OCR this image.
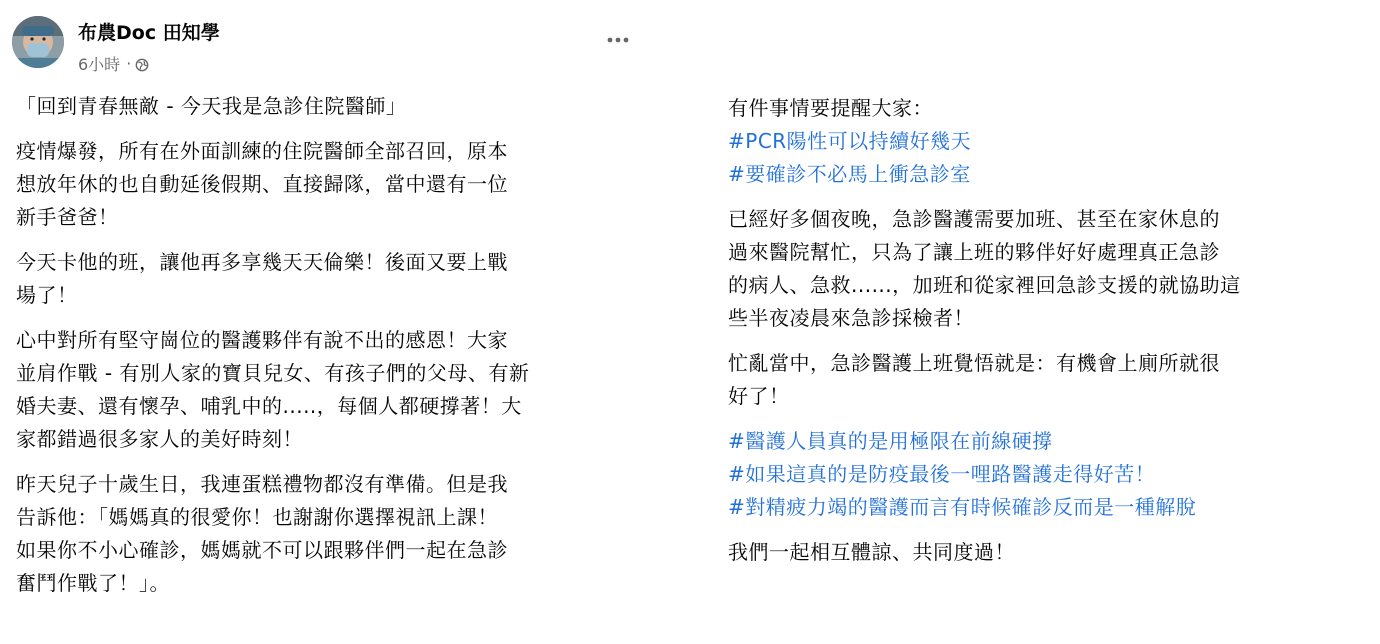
布農Doc 田知學
6小時 ·

「回到青春無敵 - 今天我是急診住院醫師」

疫情爆發，所有在外面訓練的住院醫師全部召回，原本
想放年休的也自動延後假期、直接歸隊，當中還有一位
新手爸爸！

今天卡他的班，讓他再多享幾天天倫樂！後面又要上戰
場了！

心中對所有堅守崗位的醫護夥伴有說不出的感恩！大家
並肩作戰 - 有別人家的寶貝兒女、有孩子們的父母、有新
婚夫妻、還有懷孕、哺乳中的.....，每個人都硬撐著！大
家都錯過很多家人的美好時刻！

昨天兒子十歲生日，我連蛋糕禮物都沒有準備。但是我
告訴他：「媽媽真的很愛你！也謝謝你選擇視訊上課！
如果你不小心確診，媽媽就不可以跟夥伴們一起在急診
奮鬥作戰了！」。

有件事情要提醒大家：
#PCR陽性可以持續好幾天
#要確診不必馬上衝急診室

已經好多個夜晚，急診醫護需要加班、甚至在家休息的
過來醫院幫忙，只為了讓上班的夥伴好好處理真正急診
的病人、急救......，加班和從家裡回急診支援的就協助這
些半夜凌晨來急診採檢者！

忙亂當中，急診醫護上班覺悟就是：有機會上廁所就很
好了！

#醫護人員真的是用極限在前線硬撐
#如果這真的是防疫最後一哩路醫護走得好苦！
#對精疲力竭的醫護而言有時候確診反而是一種解脫

我們一起相互體諒、共同度過！
